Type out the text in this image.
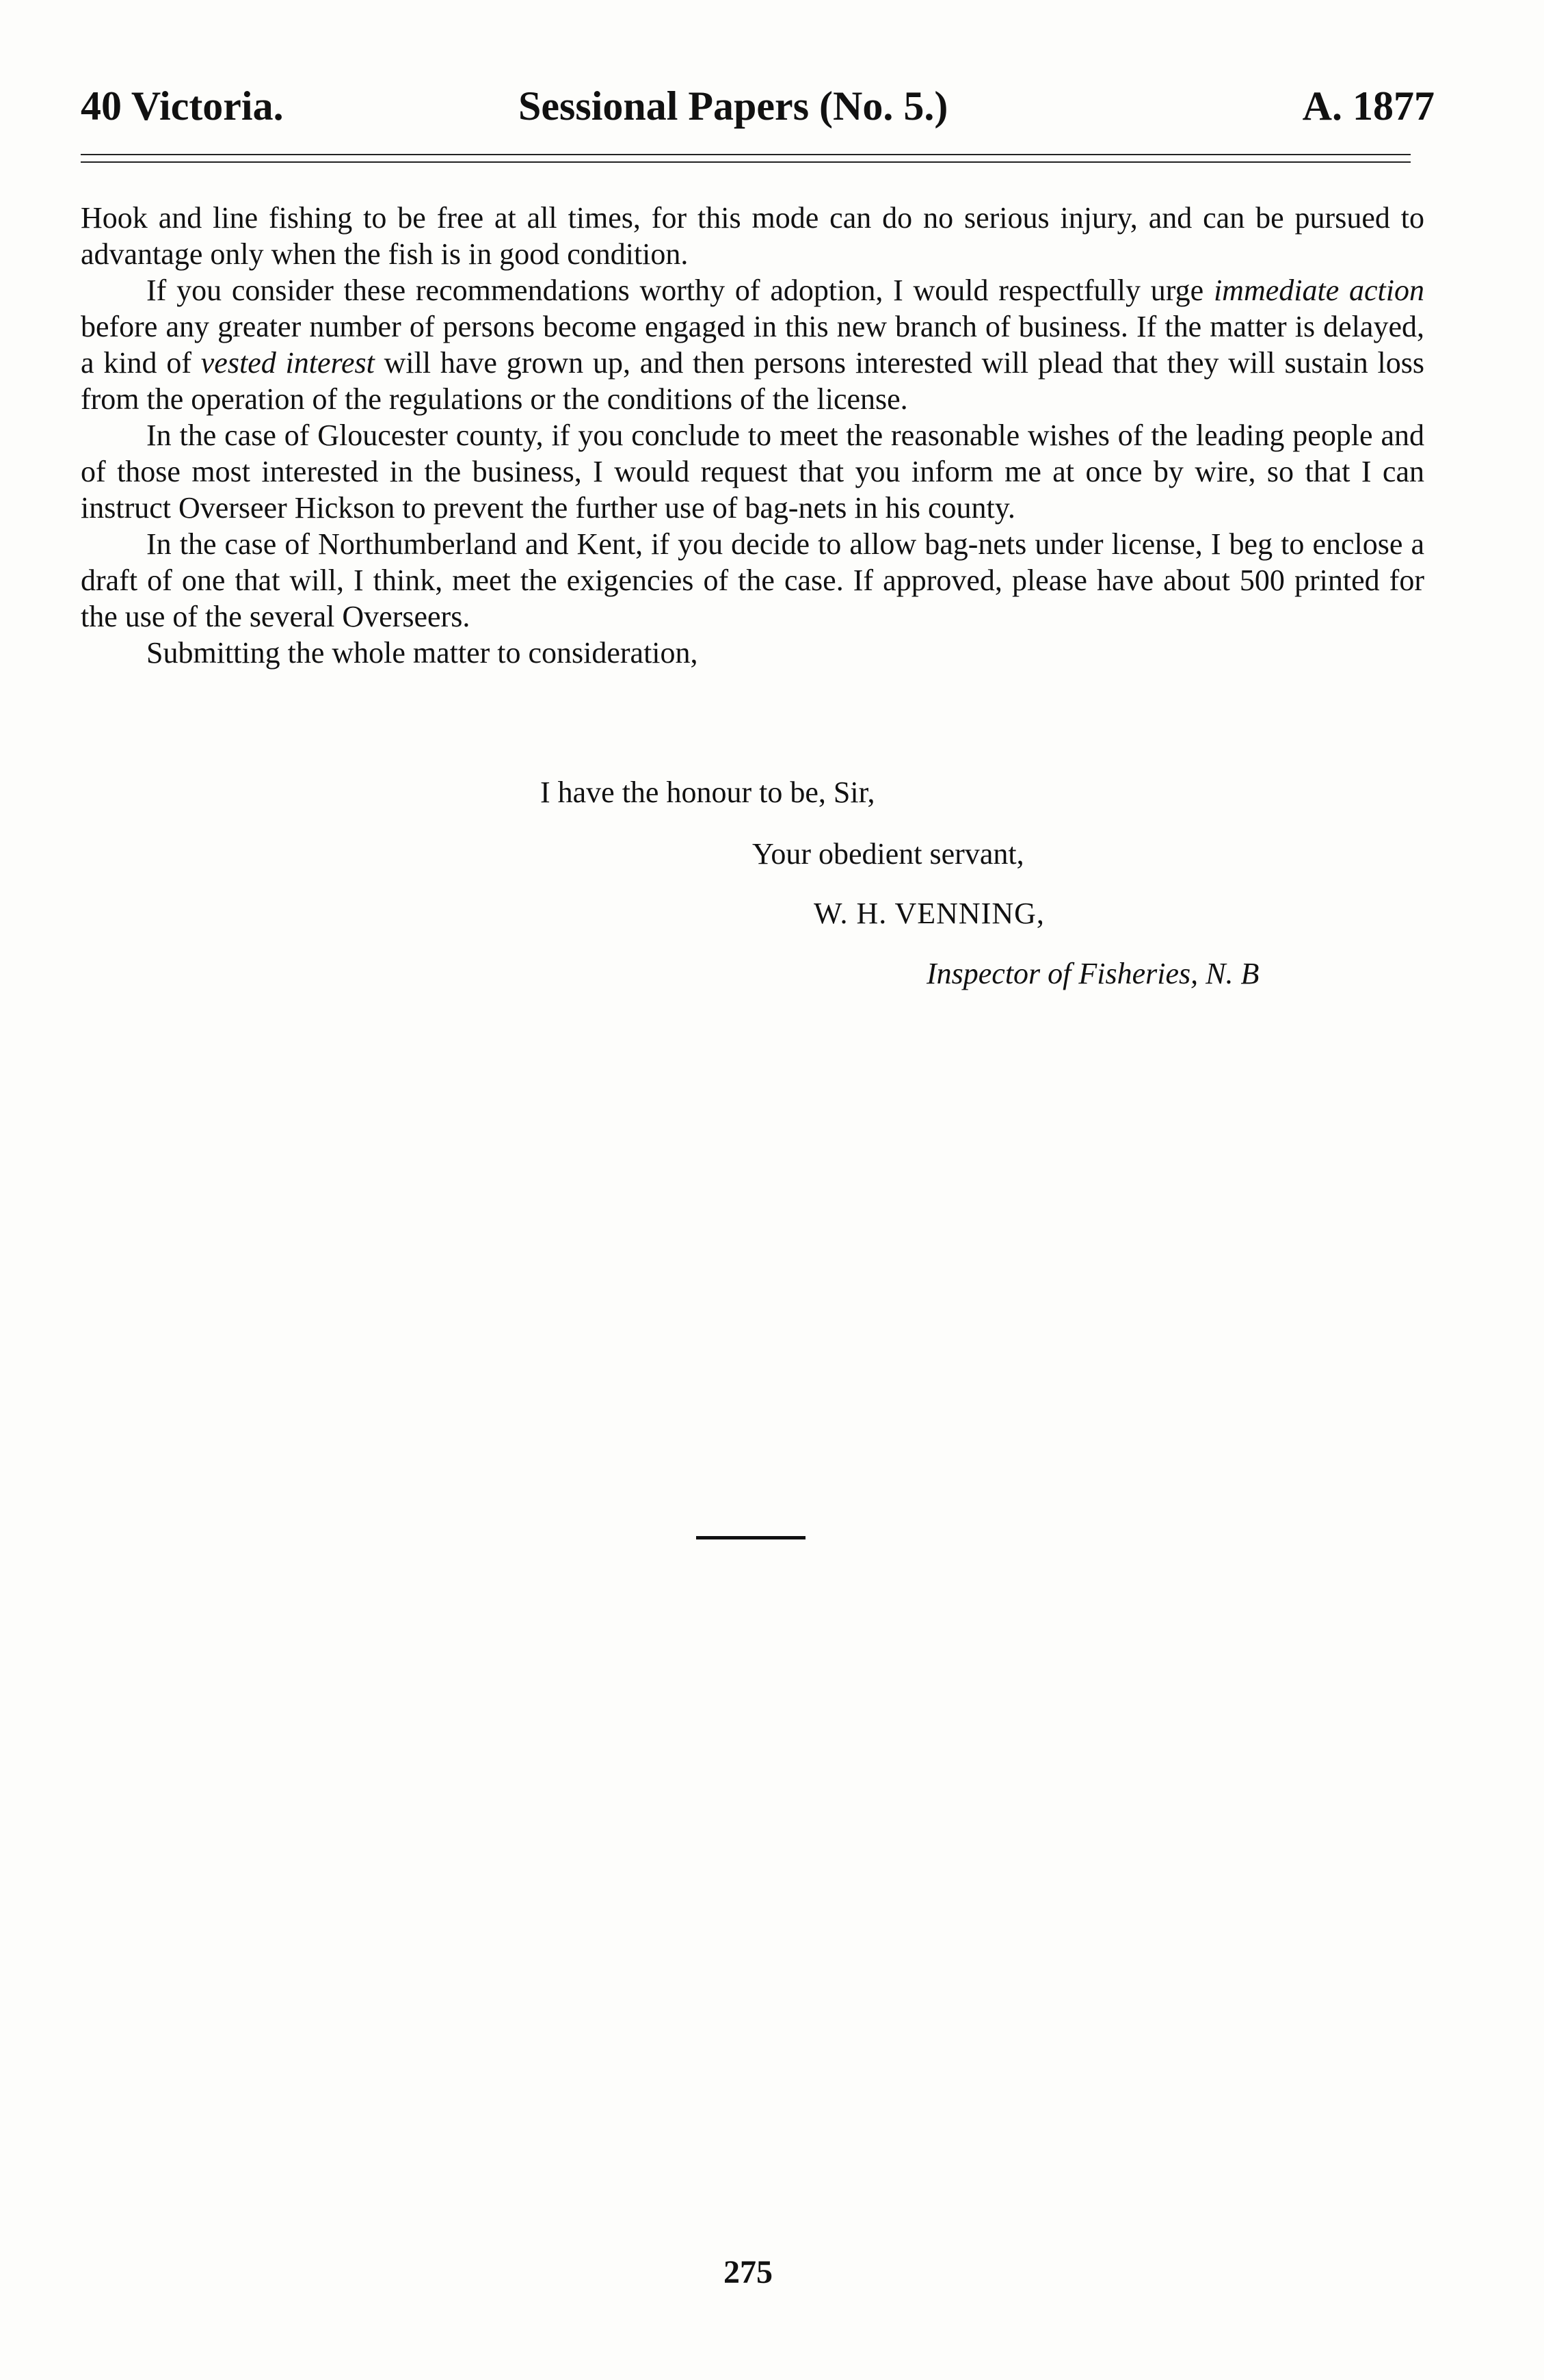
40 Victoria.	Sessional Papers (No. 5.)	A. 1877

Hook and line fishing to be free at all times, for this mode can do no serious injury, and can be pursued to advantage only when the fish is in good condition.

If you consider these recommendations worthy of adoption, I would respectfully urge immediate action before any greater number of persons become engaged in this new branch of business. If the matter is delayed, a kind of vested interest will have grown up, and then persons interested will plead that they will sustain loss from the operation of the regulations or the conditions of the license.

In the case of Gloucester county, if you conclude to meet the reasonable wishes of the leading people and of those most interested in the business, I would request that you inform me at once by wire, so that I can instruct Overseer Hickson to prevent the further use of bag-nets in his county.

In the case of Northumberland and Kent, if you decide to allow bag-nets under license, I beg to enclose a draft of one that will, I think, meet the exigencies of the case. If approved, please have about 500 printed for the use of the several Overseers.

Submitting the whole matter to consideration,

I have the honour to be, Sir,
Your obedient servant,
W. H. VENNING,
Inspector of Fisheries, N. B
275
